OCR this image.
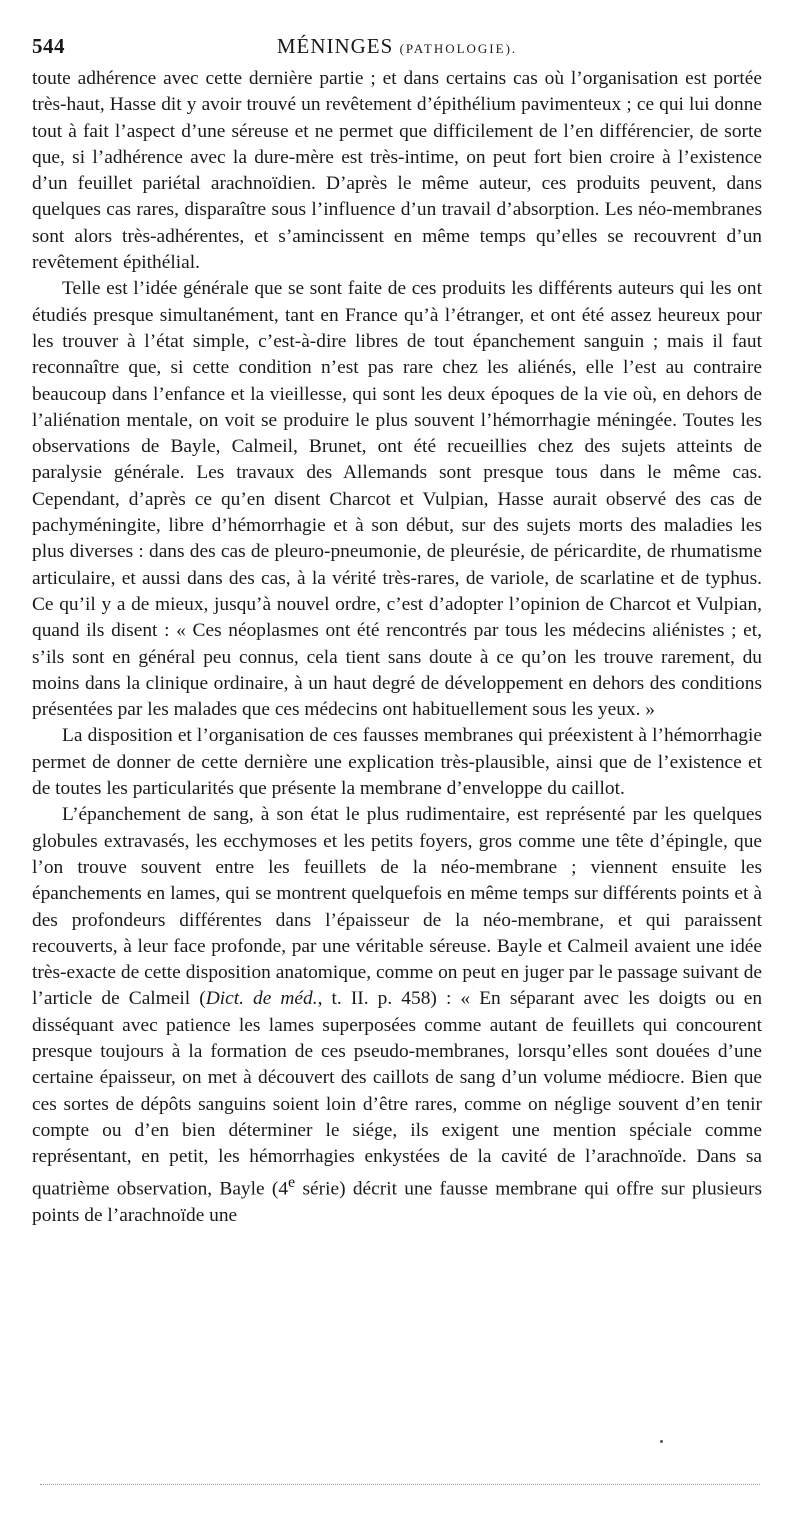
544	MÉNINGES (PATHOLOGIE).

toute adhérence avec cette dernière partie ; et dans certains cas où l’organisation est portée très-haut, Hasse dit y avoir trouvé un revêtement d’épithélium pavimenteux ; ce qui lui donne tout à fait l’aspect d’une séreuse et ne permet que difficilement de l’en différencier, de sorte que, si l’adhérence avec la dure-mère est très-intime, on peut fort bien croire à l’existence d’un feuillet pariétal arachnoïdien. D’après le même auteur, ces produits peuvent, dans quelques cas rares, disparaître sous l’influence d’un travail d’absorption. Les néo-membranes sont alors très-adhérentes, et s’amincissent en même temps qu’elles se recouvrent d’un revêtement épithélial.

Telle est l’idée générale que se sont faite de ces produits les différents auteurs qui les ont étudiés presque simultanément, tant en France qu’à l’étranger, et ont été assez heureux pour les trouver à l’état simple, c’est-à-dire libres de tout épanchement sanguin ; mais il faut reconnaître que, si cette condition n’est pas rare chez les aliénés, elle l’est au contraire beaucoup dans l’enfance et la vieillesse, qui sont les deux époques de la vie où, en dehors de l’aliénation mentale, on voit se produire le plus souvent l’hémorrhagie méningée. Toutes les observations de Bayle, Calmeil, Brunet, ont été recueillies chez des sujets atteints de paralysie générale. Les travaux des Allemands sont presque tous dans le même cas. Cependant, d’après ce qu’en disent Charcot et Vulpian, Hasse aurait observé des cas de pachyméningite, libre d’hémorrhagie et à son début, sur des sujets morts des maladies les plus diverses : dans des cas de pleuro-pneumonie, de pleurésie, de péricardite, de rhumatisme articulaire, et aussi dans des cas, à la vérité très-rares, de variole, de scarlatine et de typhus. Ce qu’il y a de mieux, jusqu’à nouvel ordre, c’est d’adopter l’opinion de Charcot et Vulpian, quand ils disent : « Ces néoplasmes ont été rencontrés par tous les médecins aliénistes ; et, s’ils sont en général peu connus, cela tient sans doute à ce qu’on les trouve rarement, du moins dans la clinique ordinaire, à un haut degré de développement en dehors des conditions présentées par les malades que ces médecins ont habituellement sous les yeux. »

La disposition et l’organisation de ces fausses membranes qui préexistent à l’hémorrhagie permet de donner de cette dernière une explication très-plausible, ainsi que de l’existence et de toutes les particularités que présente la membrane d’enveloppe du caillot.

L’épanchement de sang, à son état le plus rudimentaire, est représenté par les quelques globules extravasés, les ecchymoses et les petits foyers, gros comme une tête d’épingle, que l’on trouve souvent entre les feuillets de la néo-membrane ; viennent ensuite les épanchements en lames, qui se montrent quelquefois en même temps sur différents points et à des profondeurs différentes dans l’épaisseur de la néo-membrane, et qui paraissent recouverts, à leur face profonde, par une véritable séreuse. Bayle et Calmeil avaient une idée très-exacte de cette disposition anatomique, comme on peut en juger par le passage suivant de l’article de Calmeil (Dict. de méd., t. II. p. 458) : « En séparant avec les doigts ou en disséquant avec patience les lames superposées comme autant de feuillets qui concourent presque toujours à la formation de ces pseudo-membranes, lorsqu’elles sont douées d’une certaine épaisseur, on met à découvert des caillots de sang d’un volume médiocre. Bien que ces sortes de dépôts sanguins soient loin d’être rares, comme on néglige souvent d’en tenir compte ou d’en bien déterminer le siége, ils exigent une mention spéciale comme représentant, en petit, les hémorrhagies enkystées de la cavité de l’arachnoïde. Dans sa quatrième observation, Bayle (4e série) décrit une fausse membrane qui offre sur plusieurs points de l’arachnoïde une
